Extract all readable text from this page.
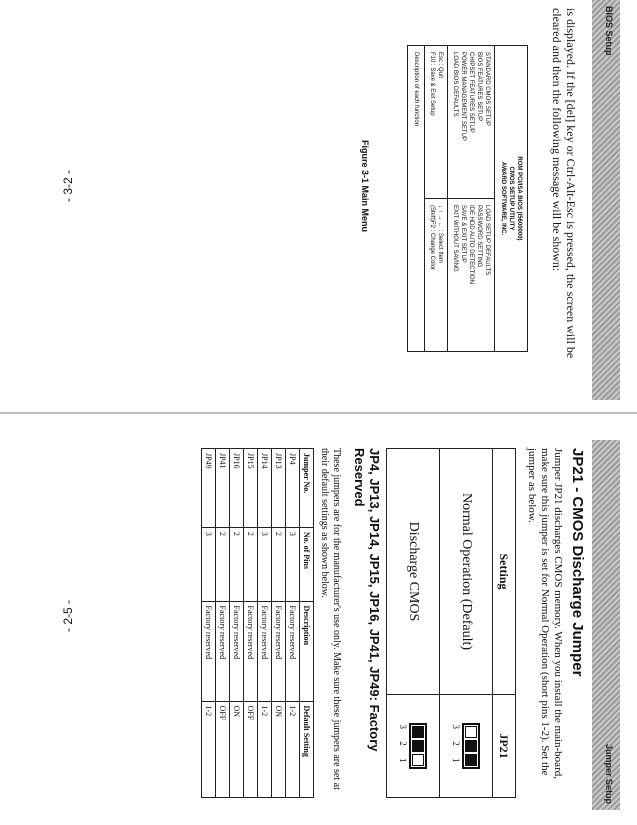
BIOS Setup
is displayed. If the [del] key or Ctrl-Alt-Esc is pressed, the screen will be cleared and then the following message will be shown:
ROM PCI/ISA BIOS (I5600000)
CMOS SETUP UTILITY
AWARD SOFTWARE, INC.
STANDARD CMOS SETUP
BIOS FEATURES SETUP
CHIPSET FEATURES SETUP
POWER MANAGEMENT SETUP
LOAD BIOS DEFAULTS
LOAD SETUP DEFAULTS
PASSWORD SETTING
IDE HDD AUTO DETECTION
SAVE & EXIT SETUP
EXIT WITHOUT SAVING
Esc : Quit
F10 : Save & Exit Setup
↓ ↑ → ← : Select Item
(Shift)F2 : Change Color
Description of each function
Figure 3-1 Main Menu
- 3-2 -
Jumper Setup
JP21 - CMOS Discharge Jumper
Jumper JP21 discharges CMOS memory. When you install the main-board, make sure this jumper is set for Normal Operation (short pins 1-2). Set the jumper as below.
Setting	JP21
Normal Operation (Default)	3 2 1

Discharge CMOS	3 2 1
JP4, JP13, JP14, JP15, JP16, JP41, JP49: Factory Reserved
These jumpers are for the manufacturer's use only. Make sure these jumpers are set at their default settings as shown below.
Jumper No.	No. of Pins	Description	Default Setting
JP4	3	Factory reserved	1-2
JP13	2	Factory reserved	ON
JP14	3	Factory reserved	1-2
JP15	2	Factory reserved	OFF
JP16	2	Factory reserved	ON
JP41	2	Factory reserved	OFF
JP49	3	Factory reserved	1-2
- 2-5 -
